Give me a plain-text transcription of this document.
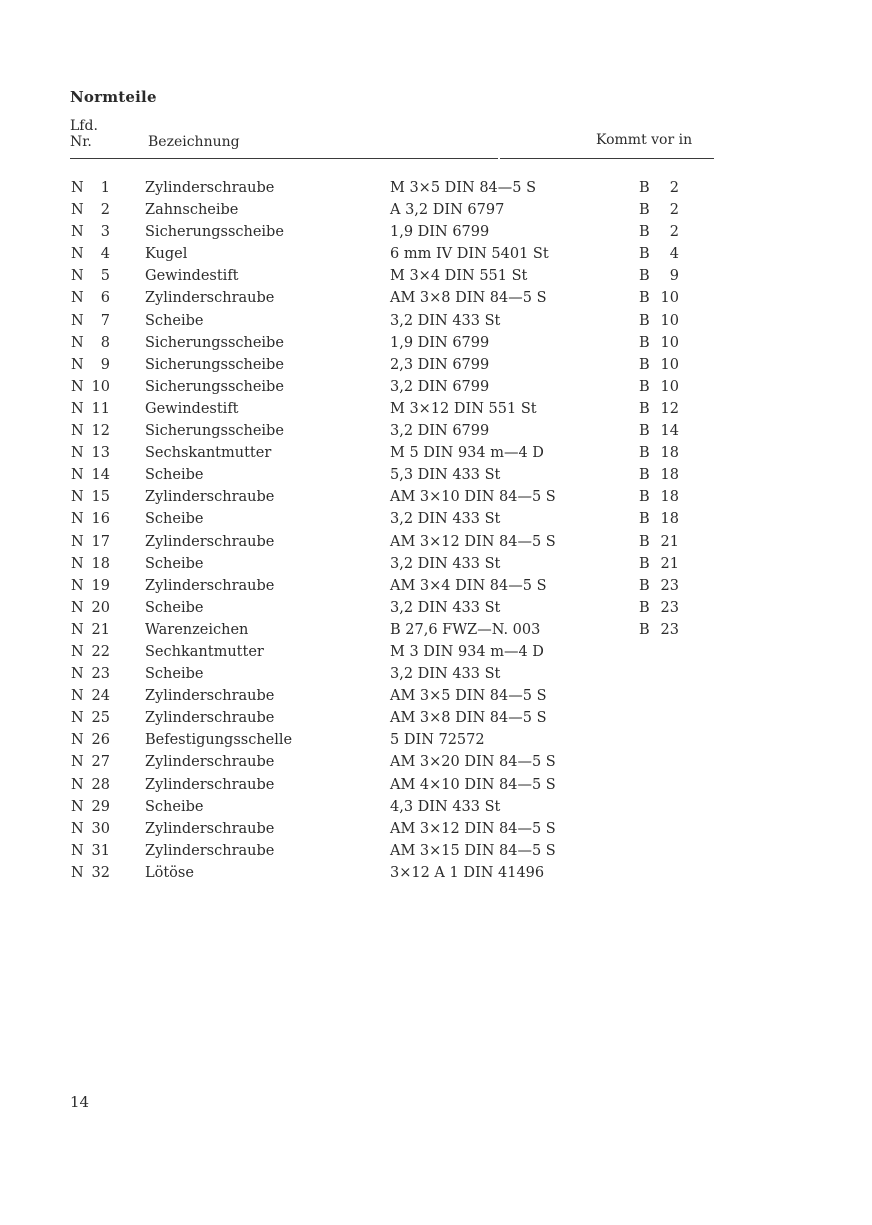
Normteile
Lfd.
Nr.	Bezeichnung	Kommt vor in
N	1 Zylinderschraube	M 3×5 DIN 84—5 S	B	2
N	2 Zahnscheibe	A 3,2 DIN 6797	B	2
N	3 Sicherungsscheibe	1,9 DIN 6799	B	2
N	4 Kugel	6 mm IV DIN 5401 St	B	4
N	5 Gewindestift	M 3×4 DIN 551 St	B	9
N	6 Zylinderschraube	AM 3×8 DIN 84—5 S	B 10
N	7 Scheibe	3,2 DIN 433 St	B 10
N	8 Sicherungsscheibe	1,9 DIN 6799	B 10
N	9 Sicherungsscheibe	2,3 DIN 6799	B 10
N 10 Sicherungsscheibe	3,2 DIN 6799	B 10
N 11 Gewindestift	M 3×12 DIN 551 St	B 12
N 12 Sicherungsscheibe	3,2 DIN 6799	B 14
N 13 Sechskantmutter	M 5 DIN 934 m—4 D	B 18
N 14 Scheibe	5,3 DIN 433 St	B 18
N 15 Zylinderschraube	AM 3×10 DIN 84—5 S	B 18
N 16 Scheibe	3,2 DIN 433 St	B 18
N 17 Zylinderschraube	AM 3×12 DIN 84—5 S	B 21
N 18 Scheibe	3,2 DIN 433 St	B 21
N 19 Zylinderschraube	AM 3×4 DIN 84—5 S	B 23
N 20 Scheibe	3,2 DIN 433 St	B 23
N 21 Warenzeichen	B 27,6 FWZ—N. 003	B 23
N 22 Sechkantmutter	M 3 DIN 934 m—4 D
N 23 Scheibe	3,2 DIN 433 St
N 24 Zylinderschraube	AM 3×5 DIN 84—5 S
N 25 Zylinderschraube	AM 3×8 DIN 84—5 S
N 26 Befestigungsschelle	5 DIN 72572
N 27 Zylinderschraube	AM 3×20 DIN 84—5 S
N 28 Zylinderschraube	AM 4×10 DIN 84—5 S
N 29 Scheibe	4,3 DIN 433 St
N 30 Zylinderschraube	AM 3×12 DIN 84—5 S
N 31 Zylinderschraube	AM 3×15 DIN 84—5 S
N 32 Lötöse	3×12 A 1 DIN 41496
14
